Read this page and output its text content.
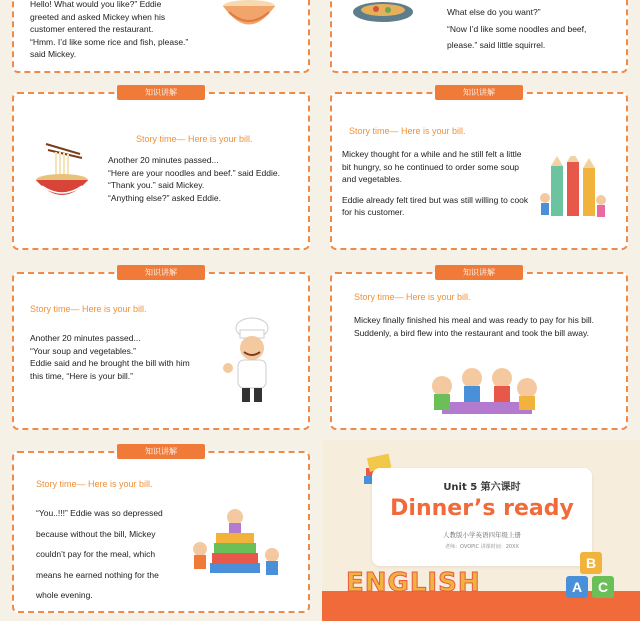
Hello! What would you like?” Eddie

greeted and asked Mickey when his

customer entered the restaurant.

“Hmm. I’d like some rice and fish, please.”

said Mickey.

What else do you want?”

“Now I’d like some noodles and beef,

please.” said little squirrel.

知识讲解
Story time— Here is your bill.

Another 20 minutes passed...

“Here are your noodles and beef.” said Eddie.

“Thank you.” said Mickey.

“Anything else?” asked Eddie.

知识讲解
Story time— Here is your bill.

Mickey thought for a while and he still felt a little bit hungry, so he continued to order some soup and vegetables.

Eddie already felt tired but was still willing to cook for his customer.

知识讲解
Story time— Here is your bill.

Another 20 minutes passed...

“Your soup and vegetables.”

Eddie said and he brought the bill with him

this time, “Here is your bill.”

知识讲解
Story time— Here is your bill.

Mickey finally finished his meal and was ready to pay for his bill.

Suddenly, a bird flew into the restaurant and took the bill away.

知识讲解
Story time— Here is your bill.

“You..!!!” Eddie was so depressed

because without the bill, Mickey

couldn’t pay for the meal, which

means he earned nothing for the

whole evening.

Unit 5 第六课时
Dinner’s ready
人教版小学英语四年级上册
老师：OVOPIC 讲课时间：20XX
ENGLISH
B
A	C
